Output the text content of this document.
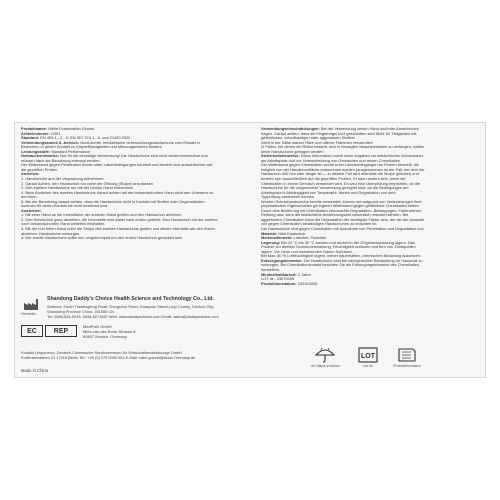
Produktname: Nitrile Examination Gloves
Artikelnummer: G001
Standard: EN 455-1, -2, -3, EN ISO 374-1, -5, und 21420:2020
Verwendungszweck & -bereich: Nicht-sterile, medizinische Untersuchungshandschuhe zum Einsatz in
Bereichen, in denen Kontakt zu Körperflüssigkeiten und Mikroorganismen besteht
Leistungsstufe: Standard Performance
Gebrauchshinweise: Nur für die einmalige Verwendung! Die Handschuhe sind nicht wiederverwendbar und
müssen nach der Benutzung entsorgt werden.
Der Widerstand gegen Penetration wurde unter Laborbedingungen beurteilt und bezieht sich ausschließlich auf
die geprüften Proben.
Anziehen:
1. Handschuhe aus der Verpackung entnehmen.
2. Darauf Achten, den Handschuh nur nahe der Öffnung (Stulpe) anzufassen.
3. Den zweiten Handschuhe nur mit der bloßen Hand entnehmen.
4. Beim Anziehen des zweiten Handschuhs darauf achten mit der behandschuhten Hand nicht den Unterarm zu
berühren.
5. Bei der Benutzung darauf achten, dass die Handschuhe nicht in Kontakt mit Stoffen oder Gegenständen
kommen für deren Kontakt sie nicht bestimmt sind.
Ausziehen:
1. Mit einer Hand an die Innenfläche der anderen Hand greifen und den Handschuh anheben.
2. Den Handschuh ganz abziehen, die Innenseite wird dabei nach außen gekehrt. Den Handschuh mit der zweiten
noch behandschuhten Hand weiterhin festhalten.
3. Mit der nun freien Hand unter die Stulpe des zweiten Handschuhs greifen und diesen ebenfalls wie den ersten
abziehen. Handschuhe entsorgen.
4. Der zweite Handschuhe sollte nun umgekrempelt um den ersten Handschuh gewickelt sein.
Verwendungseinschränkungen: Bei der Verwendung keinen Hand und/oder Armschmuck
tragen. Darauf achten, dass die Fingernägel kurz geschnitten sind Nicht für Tätigkeiten mit
gefährlichen, scharfkantigen oder aggressiven Stoffen!
Nicht in der Nähe starker Hitze und offener Flammen verwenden!
In Fällen, bei denen ein Risiko besteht, sich in bewegten Maschinenteilen zu verfangen, sollten
keine Handschuhe getragen werden.
Sicherheitshinweise: Diese Information macht keine Angaben zur tatsächlichen Schutzdauer
am Arbeitsplatz und zur Unterscheidung von Gemischen und reinen Chemikalien.
Der Widerstand gegen Chemikalien wurde unter Laborbedingungen an Proben beurteilt, die
lediglich von der Handinnenfläche entnommen wurden (ausgenommen ist der Fall, bei dem der
Handschuh 400 mm oder länger ist — in diesem Fall wird ebenfalls die Stulpe getestet) und
bezieht sich ausschließlich auf die geprüften Proben. Er kann anders sein, wenn die
Chemikalien in einem Gemisch verwendet wird. Es wird eine Überprüfung empfohlen, ob die
Handschuhe für die vorgesehene Verwendung geeignet sind, da die Bedingungen am
Arbeitsplatz in Abhängigkeit von Temperatur, Abrieb und Degradation von dem
Typprüfung abweichen können.
Wurden Schutzhandschuhe bereits verwendet, können sie aufgrund von Veränderungen ihrer
physikalischen Eigenschaften geringeren Widerstand gegen gefährliche Chemikalien bieten.
Durch eine Berührung mit Chemikalien verursachte Degradation, Bewegungen, Fadenziehen,
Reibung usw. kann die tatsächliche Anwendungszeit wesentlich reduziert werden. Bei
aggressiven Chemikalien kann die Degradation der wichtigste Faktor sein, der bei der Auswahl
von gegen Chemikalien beständigen Handschuhen zu beachten ist.
Die Handschuhe sind gegen Chemikalien mit Ausnahme von Penetration und Degradation von
Material: Nitril-Kautschuk
Merkmalhinweis: Latexfrei, Puderfrei
Lagerung: Bei 10 °C bis 30 °C trocken und dunkel in der Originalverpackung lagern. Das
Produkt vor direkter Sonneneinstrahlung, Feuchtigkeit schützen und fern von Zündquellen
lagern. Vor Ozon und ionisierenden Gasen Schützen.
Bei Max. 80 % Luftfeuchtigkeit lagern, keiner dauerhaften, chemischen Belastung aussetzen.
Entsorgungshinweise: Die Handschuhe sind bei sachgerechter Behandlung do Hausmüll zu
entsorgen. Bei Chemikalienkontakt beachten Sie die Entsorgungshinweise des Chemikalien-
herstellers.
Mindesthaltbarkeit: 2 Jahre
LOT Nr.: 23070305
Produktionsdatum: 2021/03/05
Hersteller
Shandong Daddy's Choice Health Science and Technology Co., Ltd.
Address: South Tiandingfeng Road, Dongshou Road, Huaiyuan Street,Linyi County, Dezhou City,
Shandong Province China. 251500 CN
Tel: 0086-534-5015, 0534-8271567 Web: www.daddyschoice.com Email: sales@daddyschoice.com
EC	REP
MedPath GmbH
Mies-van-der-Rohe-Strasse 8
80807 Munich, Germany
Kontakt (Importeur): Deutsch-Chinesische Servicezentrum für Wirtschaftsentwicklungs GmbH
Kurfürstendamm 21 17019 Berlin Tel.: +49 (0) 179 5083 553 E-Mail: sabri.guezel@dcsw-Germany.de
Made in China
Vor Nässe schützen
LOT
Los-Nr.	Produktinformation
